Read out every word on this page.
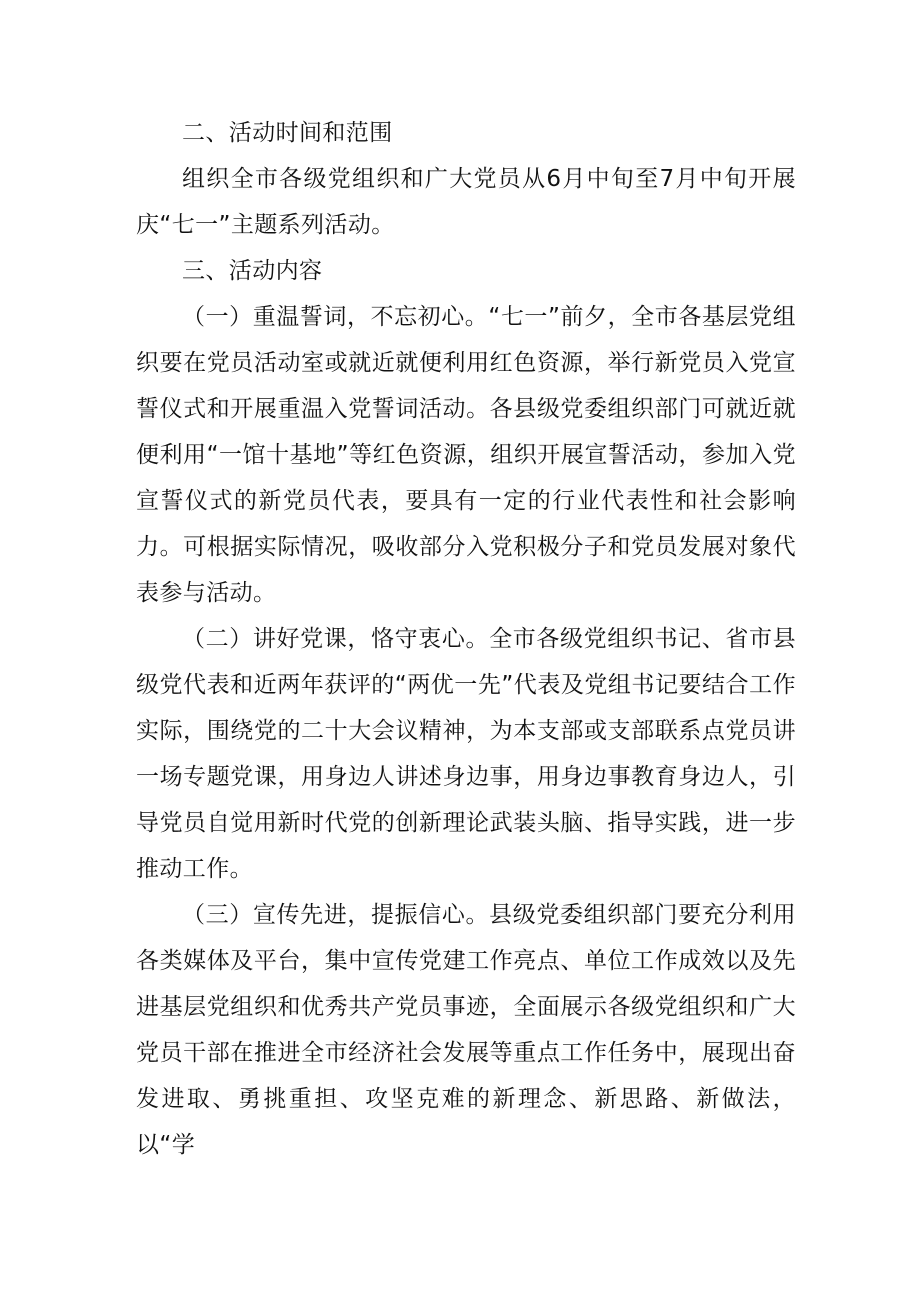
二、活动时间和范围

组织全市各级党组织和广大党员从6月中旬至7月中旬开展庆“七一”主题系列活动。

三、活动内容

（一）重温誓词，不忘初心。“七一”前夕，全市各基层党组织要在党员活动室或就近就便利用红色资源，举行新党员入党宣誓仪式和开展重温入党誓词活动。各县级党委组织部门可就近就便利用“一馆十基地”等红色资源，组织开展宣誓活动，参加入党宣誓仪式的新党员代表，要具有一定的行业代表性和社会影响力。可根据实际情况，吸收部分入党积极分子和党员发展对象代表参与活动。

（二）讲好党课，恪守衷心。全市各级党组织书记、省市县级党代表和近两年获评的“两优一先”代表及党组书记要结合工作实际，围绕党的二十大会议精神，为本支部或支部联系点党员讲一场专题党课，用身边人讲述身边事，用身边事教育身边人，引导党员自觉用新时代党的创新理论武装头脑、指导实践，进一步推动工作。

（三）宣传先进，提振信心。县级党委组织部门要充分利用各类媒体及平台，集中宣传党建工作亮点、单位工作成效以及先进基层党组织和优秀共产党员事迹，全面展示各级党组织和广大党员干部在推进全市经济社会发展等重点工作任务中，展现出奋发进取、勇挑重担、攻坚克难的新理念、新思路、新做法，以“学
